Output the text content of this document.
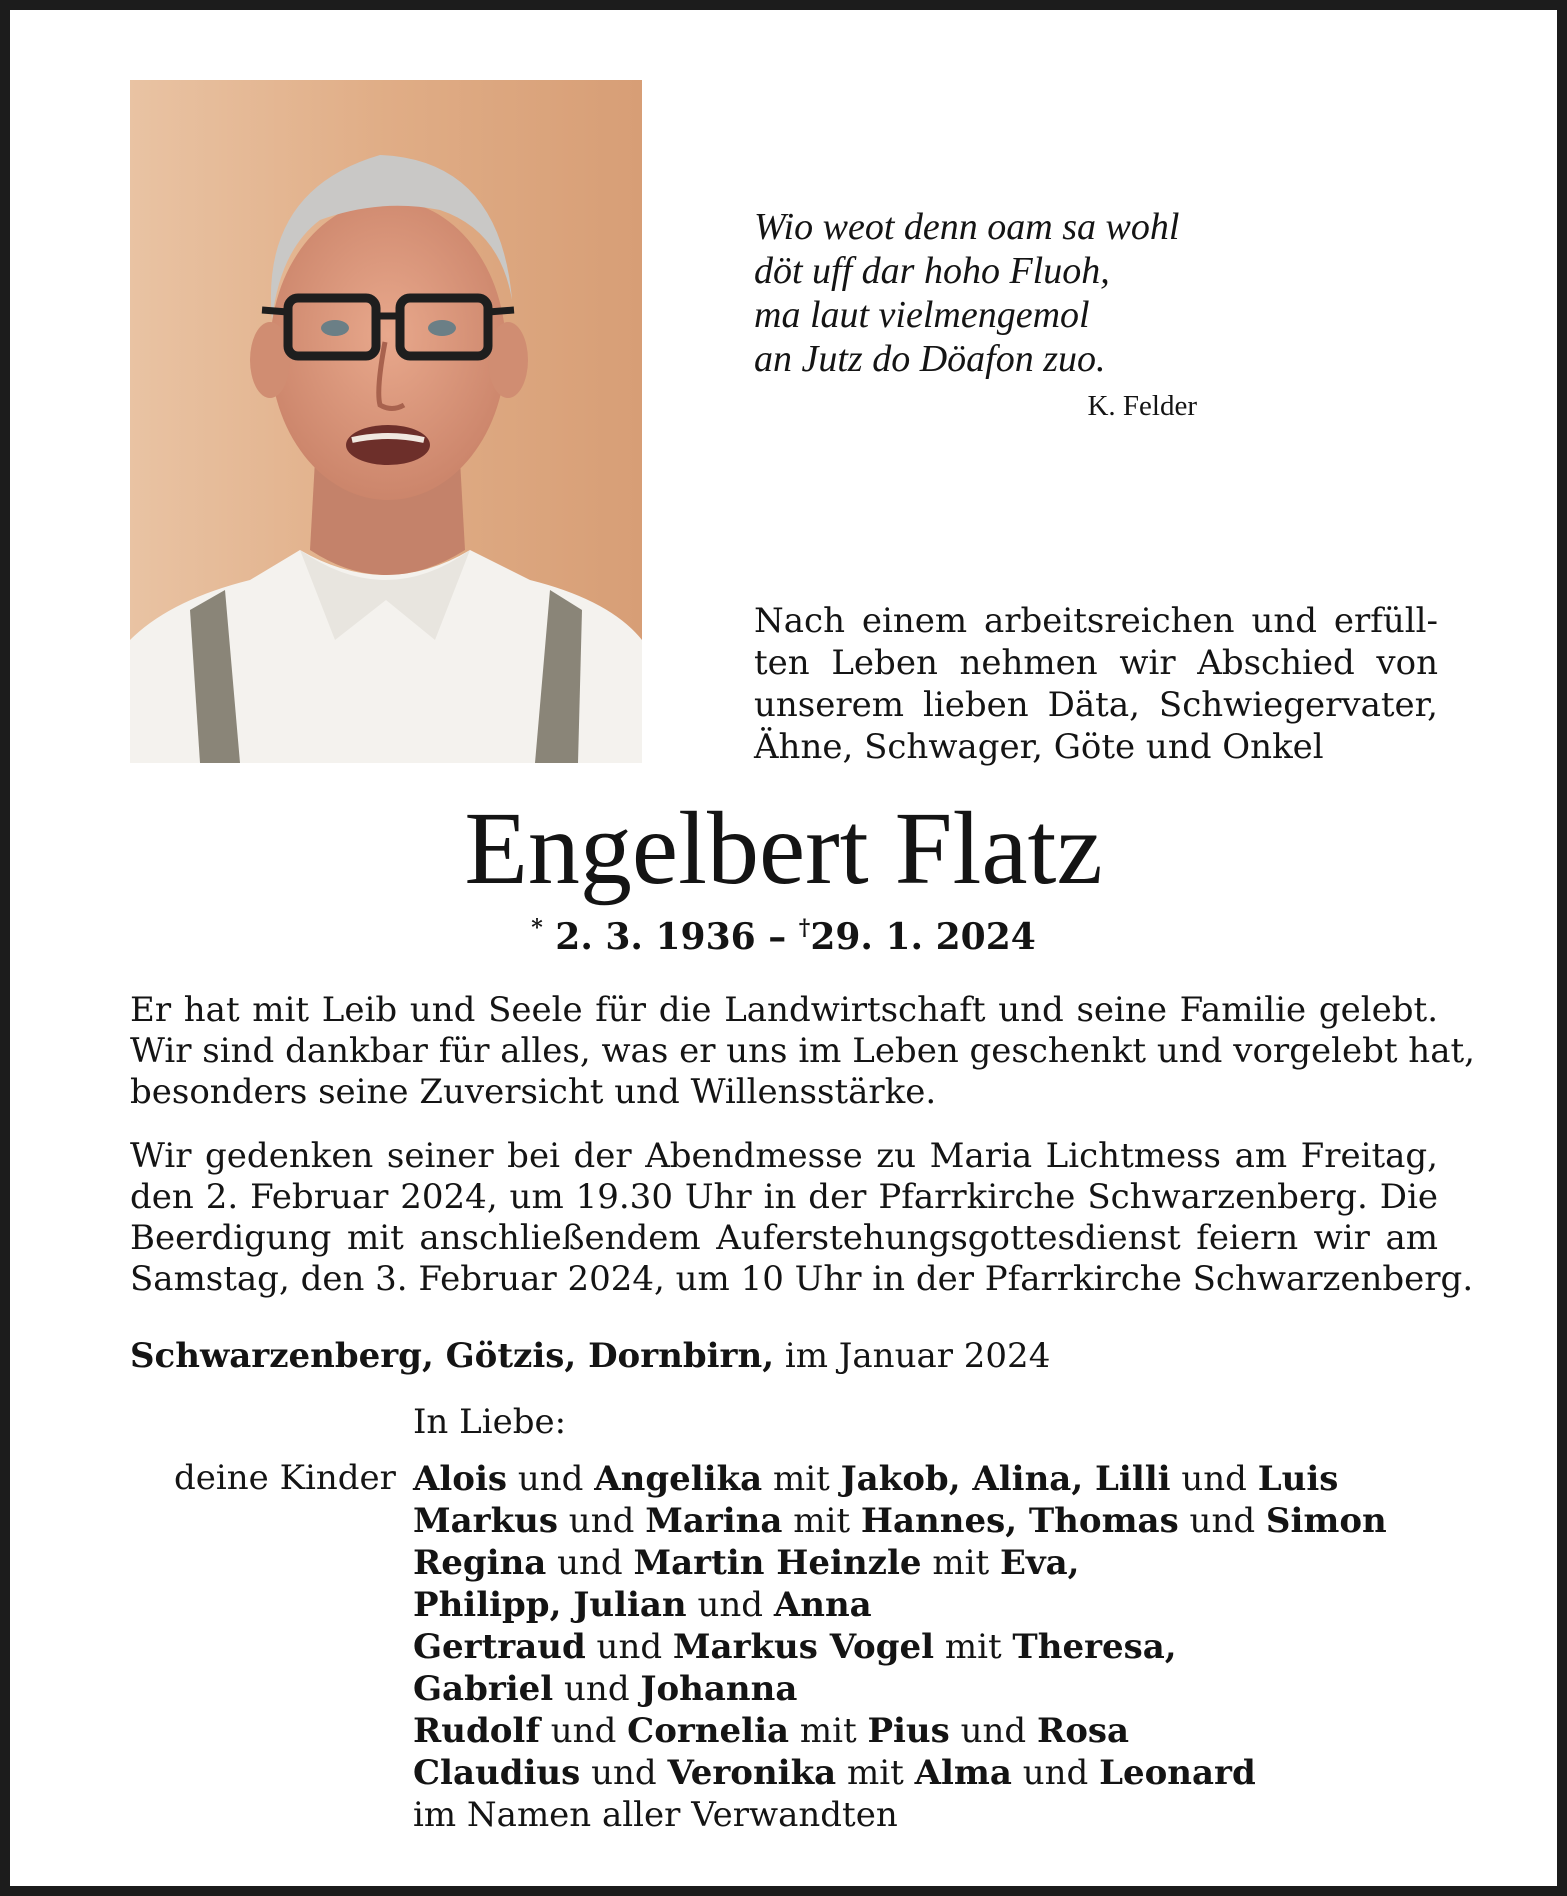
Wio weot denn oam sa wohl
döt uff dar hoho Fluoh,
ma laut vielmengemol
an Jutz do Döafon zuo.
K. Felder
Nach einem arbeitsreichen und erfüll-
ten Leben nehmen wir Abschied von
unserem lieben Däta, Schwiegervater,
Ähne, Schwager, Göte und Onkel
Engelbert Flatz
* 2. 3. 1936 – †29. 1. 2024
Er hat mit Leib und Seele für die Landwirtschaft und seine Familie gelebt.
Wir sind dankbar für alles, was er uns im Leben geschenkt und vorgelebt hat,
besonders seine Zuversicht und Willensstärke.
Wir gedenken seiner bei der Abendmesse zu Maria Lichtmess am Freitag,
den 2. Februar 2024, um 19.30 Uhr in der Pfarrkirche Schwarzenberg. Die
Beerdigung mit anschließendem Auferstehungsgottesdienst feiern wir am
Samstag, den 3. Februar 2024, um 10 Uhr in der Pfarrkirche Schwarzenberg.
Schwarzenberg, Götzis, Dornbirn, im Januar 2024
In Liebe:
deine Kinder Alois und Angelika mit Jakob, Alina, Lilli und Luis
Markus und Marina mit Hannes, Thomas und Simon
Regina und Martin Heinzle mit Eva,
Philipp, Julian und Anna
Gertraud und Markus Vogel mit Theresa,
Gabriel und Johanna
Rudolf und Cornelia mit Pius und Rosa
Claudius und Veronika mit Alma und Leonard
im Namen aller Verwandten
